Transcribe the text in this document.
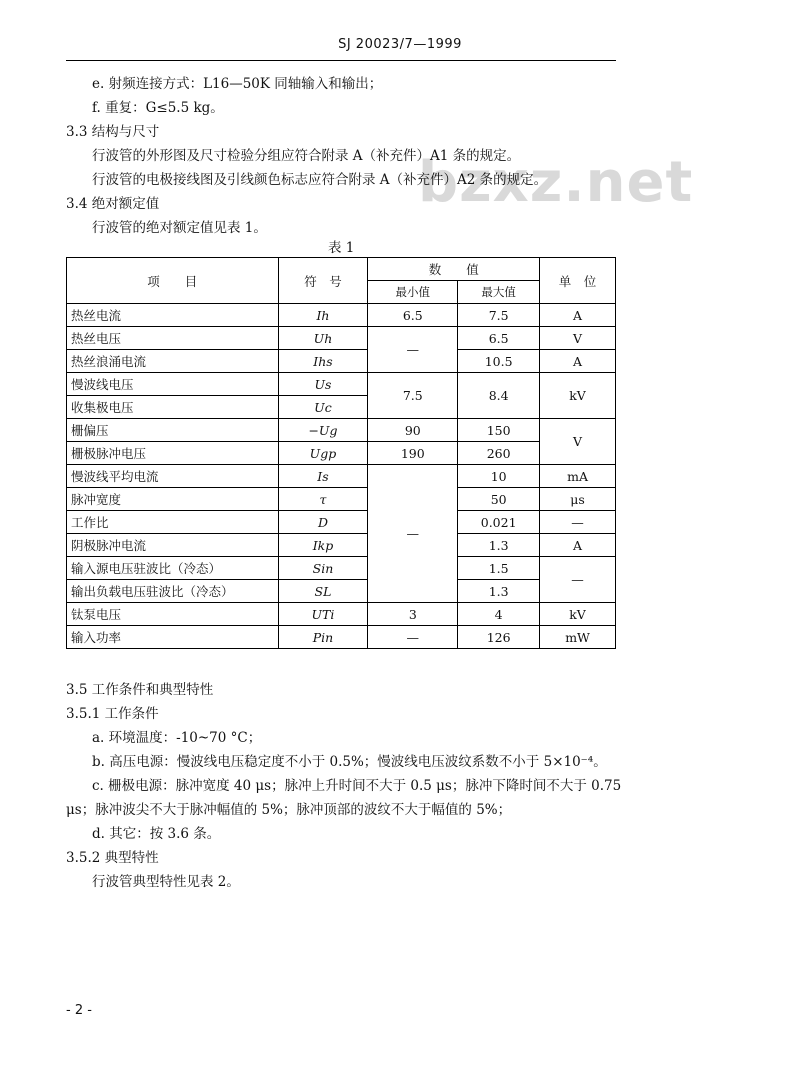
SJ 20023/7—1999
bzxz.net
e. 射频连接方式：L16—50K 同轴输入和输出；
f. 重复：G≤5.5 kg。
3.3 结构与尺寸
行波管的外形图及尺寸检验分组应符合附录 A（补充件）A1 条的规定。
行波管的电极接线图及引线颜色标志应符合附录 A（补充件）A2 条的规定。
3.4 绝对额定值
行波管的绝对额定值见表 1。
表 1
项　　目	符　号	数　　值		单　位
		最小值	最大值	
热丝电流	Ih	6.5	7.5	A
热丝电压	Uh	—	6.5	V
热丝浪涌电流	Ihs		10.5	A
慢波线电压	Us	7.5	8.4	kV
收集极电压	Uc			
栅偏压	−Ug	90	150	V
栅极脉冲电压	Ugp	190	260	
慢波线平均电流	Is	—	10	mA
脉冲宽度	τ		50	μs
工作比	D		0.021	—
阴极脉冲电流	Ikp		1.3	A
输入源电压驻波比（冷态）	Sin		1.5	—
输出负载电压驻波比（冷态）	SL		1.3	
钛泵电压	UTi	3	4	kV
输入功率	Pin	—	126	mW
3.5 工作条件和典型特性
3.5.1 工作条件
a. 环境温度：-10~70 °C；
b. 高压电源：慢波线电压稳定度不小于 0.5%；慢波线电压波纹系数不小于 5×10⁻⁴。
c. 栅极电源：脉冲宽度 40 μs；脉冲上升时间不大于 0.5 μs；脉冲下降时间不大于 0.75
μs；脉冲波尖不大于脉冲幅值的 5%；脉冲顶部的波纹不大于幅值的 5%；
d. 其它：按 3.6 条。
3.5.2 典型特性
行波管典型特性见表 2。
- 2 -
